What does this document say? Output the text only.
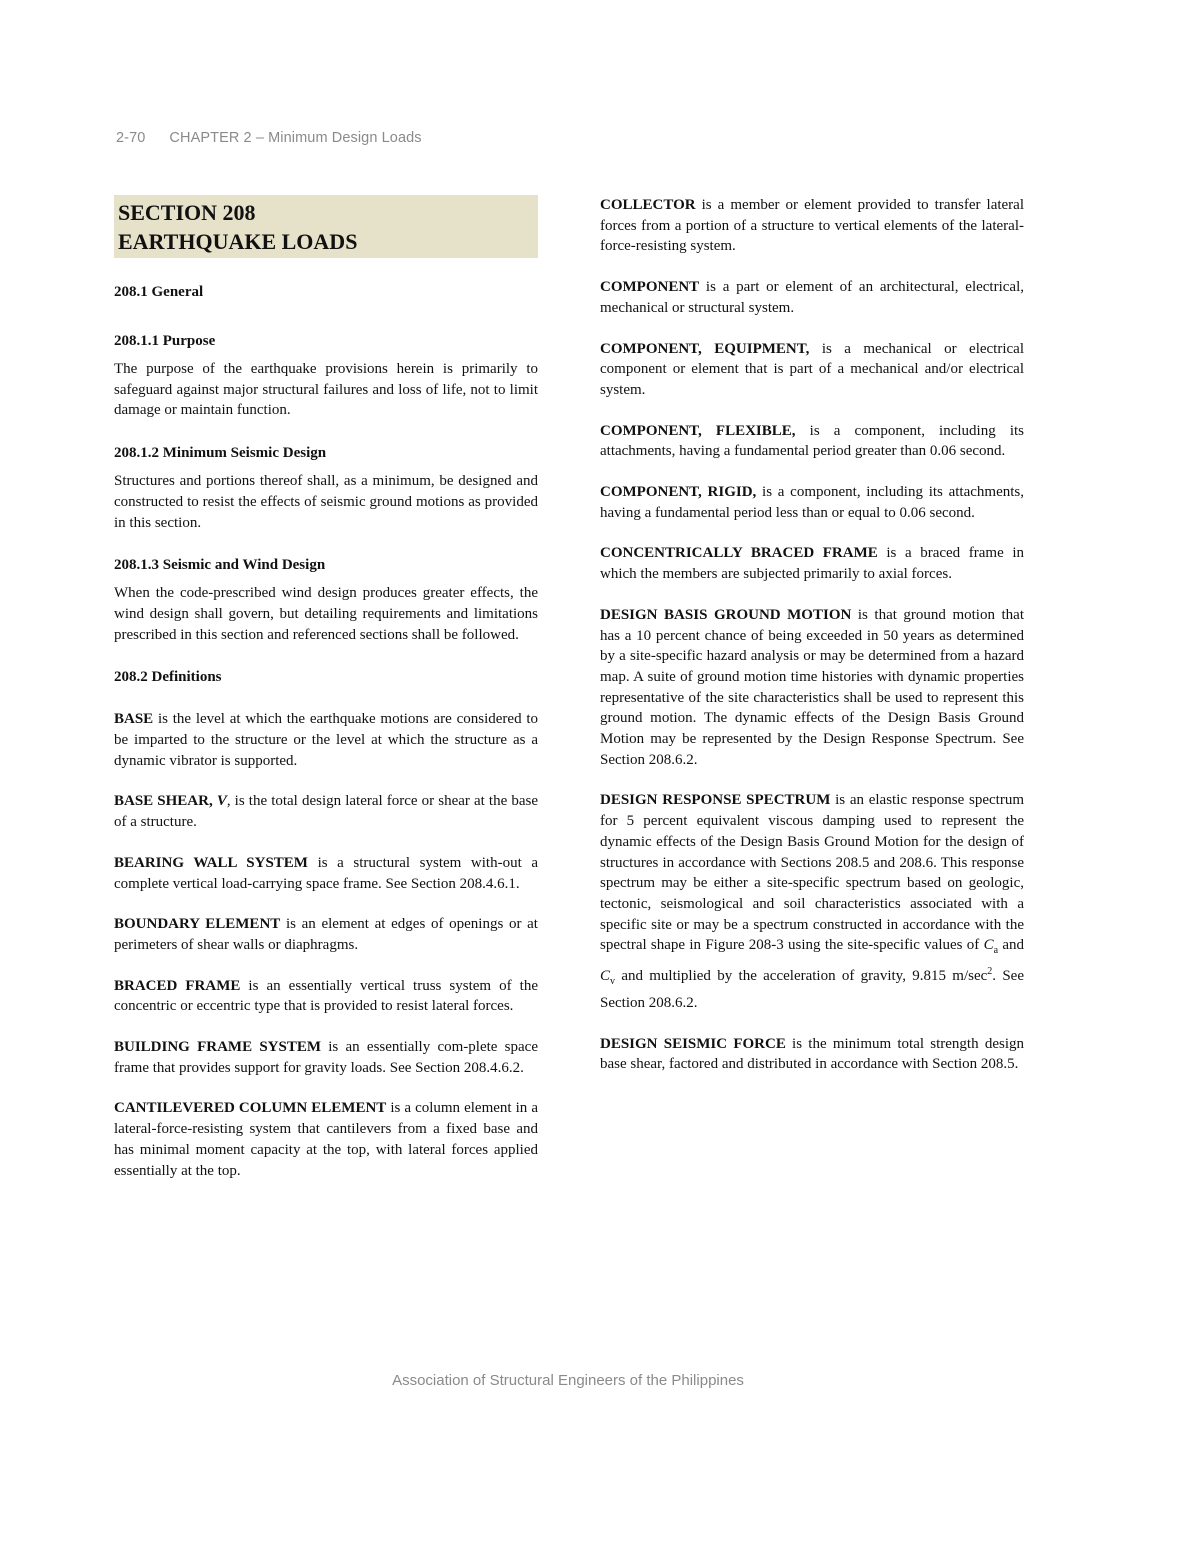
2-70 CHAPTER 2 – Minimum Design Loads
SECTION 208
EARTHQUAKE LOADS
208.1 General
208.1.1 Purpose

The purpose of the earthquake provisions herein is primarily to safeguard against major structural failures and loss of life, not to limit damage or maintain function.

208.1.2 Minimum Seismic Design

Structures and portions thereof shall, as a minimum, be designed and constructed to resist the effects of seismic ground motions as provided in this section.

208.1.3 Seismic and Wind Design

When the code-prescribed wind design produces greater effects, the wind design shall govern, but detailing requirements and limitations prescribed in this section and referenced sections shall be followed.

208.2 Definitions

BASE is the level at which the earthquake motions are considered to be imparted to the structure or the level at which the structure as a dynamic vibrator is supported.

BASE SHEAR, V, is the total design lateral force or shear at the base of a structure.

BEARING WALL SYSTEM is a structural system with-out a complete vertical load-carrying space frame. See Section 208.4.6.1.

BOUNDARY ELEMENT is an element at edges of openings or at perimeters of shear walls or diaphragms.

BRACED FRAME is an essentially vertical truss system of the concentric or eccentric type that is provided to resist lateral forces.

BUILDING FRAME SYSTEM is an essentially com-plete space frame that provides support for gravity loads. See Section 208.4.6.2.

CANTILEVERED COLUMN ELEMENT is a column element in a lateral-force-resisting system that cantilevers from a fixed base and has minimal moment capacity at the top, with lateral forces applied essentially at the top.

COLLECTOR is a member or element provided to transfer lateral forces from a portion of a structure to vertical elements of the lateral-force-resisting system.

COMPONENT is a part or element of an architectural, electrical, mechanical or structural system.

COMPONENT, EQUIPMENT, is a mechanical or electrical component or element that is part of a mechanical and/or electrical system.

COMPONENT, FLEXIBLE, is a component, including its attachments, having a fundamental period greater than 0.06 second.

COMPONENT, RIGID, is a component, including its attachments, having a fundamental period less than or equal to 0.06 second.

CONCENTRICALLY BRACED FRAME is a braced frame in which the members are subjected primarily to axial forces.

DESIGN BASIS GROUND MOTION is that ground motion that has a 10 percent chance of being exceeded in 50 years as determined by a site-specific hazard analysis or may be determined from a hazard map. A suite of ground motion time histories with dynamic properties representative of the site characteristics shall be used to represent this ground motion. The dynamic effects of the Design Basis Ground Motion may be represented by the Design Response Spectrum. See Section 208.6.2.

DESIGN RESPONSE SPECTRUM is an elastic response spectrum for 5 percent equivalent viscous damping used to represent the dynamic effects of the Design Basis Ground Motion for the design of structures in accordance with Sections 208.5 and 208.6. This response spectrum may be either a site-specific spectrum based on geologic, tectonic, seismological and soil characteristics associated with a specific site or may be a spectrum constructed in accordance with the spectral shape in Figure 208-3 using the site-specific values of $C_a$ and $C_v$ and multiplied by the acceleration of gravity, 9.815 $m/\sec^2$. See Section 208.6.2.

DESIGN SEISMIC FORCE is the minimum total strength design base shear, factored and distributed in accordance with Section 208.5.

Association of Structural Engineers of the Philippines
